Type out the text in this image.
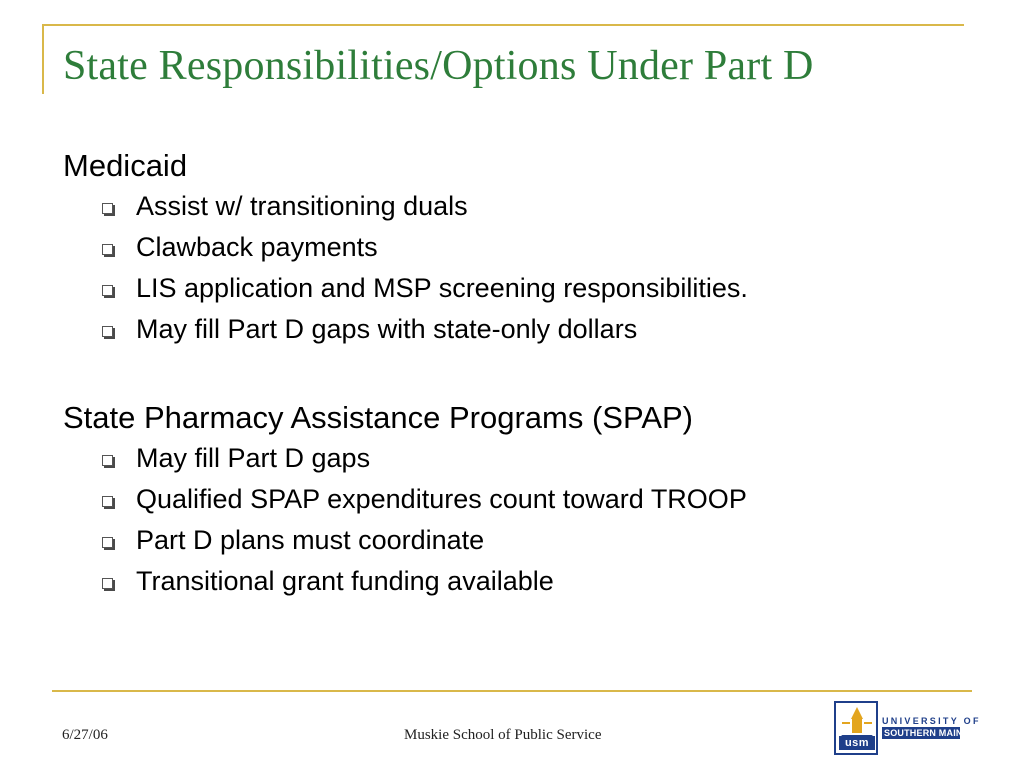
State Responsibilities/Options Under Part D
Medicaid
Assist w/ transitioning duals
Clawback payments
LIS application and MSP screening responsibilities.
May fill Part D gaps with state-only dollars
State Pharmacy Assistance Programs (SPAP)
May fill Part D gaps
Qualified SPAP expenditures count toward TROOP
Part D plans must coordinate
Transitional grant funding available
6/27/06	Muskie School of Public Service	usm
UNIVERSITY OF
SOUTHERN MAINE
